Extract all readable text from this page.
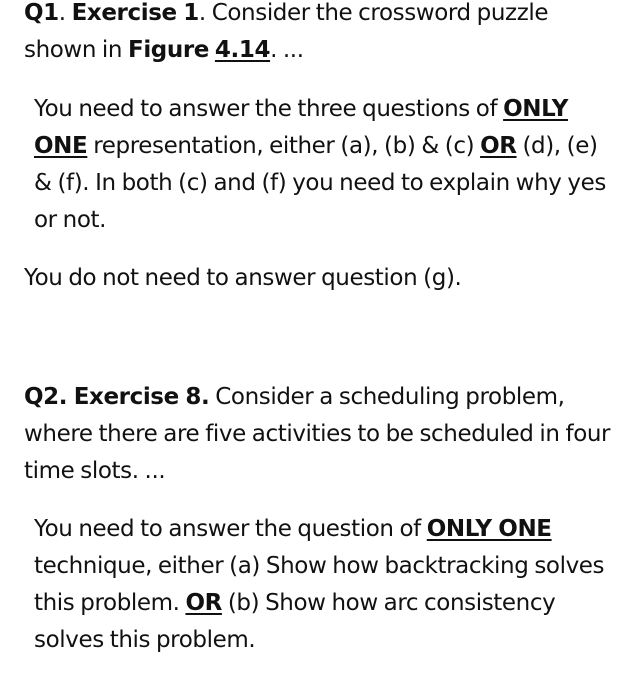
Q1. Exercise 1. Consider the crossword puzzle shown in Figure 4.14. ...

You need to answer the three questions of ONLY ONE representation, either (a), (b) & (c) OR (d), (e) & (f). In both (c) and (f) you need to explain why yes or not.

You do not need to answer question (g).

Q2. Exercise 8. Consider a scheduling problem, where there are five activities to be scheduled in four time slots. ...

You need to answer the question of ONLY ONE technique, either (a) Show how backtracking solves this problem. OR (b) Show how arc consistency solves this problem.
